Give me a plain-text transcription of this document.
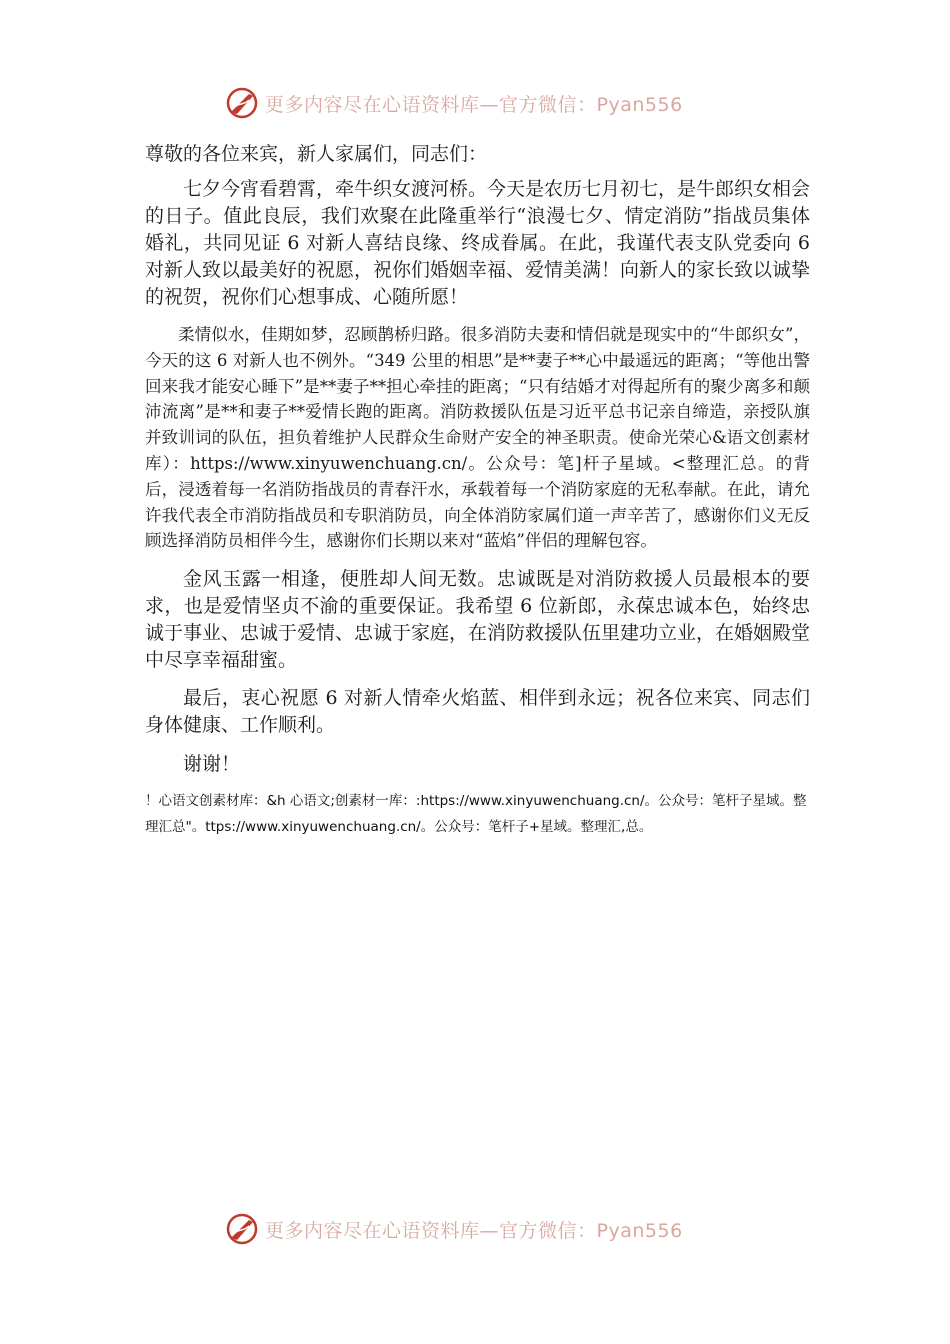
更多内容尽在心语资料库—官方微信：Pyan556

尊敬的各位来宾，新人家属们，同志们：

七夕今宵看碧霄，牵牛织女渡河桥。今天是农历七月初七，是牛郎织女相会的日子。值此良辰，我们欢聚在此隆重举行“浪漫七夕、情定消防”指战员集体婚礼，共同见证 6 对新人喜结良缘、终成眷属。在此，我谨代表支队党委向 6 对新人致以最美好的祝愿，祝你们婚姻幸福、爱情美满！向新人的家长致以诚挚的祝贺，祝你们心想事成、心随所愿！

柔情似水，佳期如梦，忍顾鹊桥归路。很多消防夫妻和情侣就是现实中的“牛郎织女”，今天的这 6 对新人也不例外。“349 公里的相思”是**妻子**心中最遥远的距离；“等他出警回来我才能安心睡下”是**妻子**担心牵挂的距离；“只有结婚才对得起所有的聚少离多和颠沛流离”是**和妻子**爱情长跑的距离。消防救援队伍是习近平总书记亲自缔造，亲授队旗并致训词的队伍，担负着维护人民群众生命财产安全的神圣职责。使命光荣心&语文创素材库）：https://www.xinyuwenchuang.cn/。公众号：笔]杆子星域。<整理汇总。的背后，浸透着每一名消防指战员的青春汗水，承载着每一个消防家庭的无私奉献。在此，请允许我代表全市消防指战员和专职消防员，向全体消防家属们道一声辛苦了，感谢你们义无反顾选择消防员相伴今生，感谢你们长期以来对“蓝焰”伴侣的理解包容。

金风玉露一相逢，便胜却人间无数。忠诚既是对消防救援人员最根本的要求，也是爱情坚贞不渝的重要保证。我希望 6 位新郎，永葆忠诚本色，始终忠诚于事业、忠诚于爱情、忠诚于家庭，在消防救援队伍里建功立业，在婚姻殿堂中尽享幸福甜蜜。

最后，衷心祝愿 6 对新人情牵火焰蓝、相伴到永远；祝各位来宾、同志们身体健康、工作顺利。

谢谢！

！心语文创素材库：&h 心语文;创素材一库：:https://www.xinyuwenchuang.cn/。公众号：笔杆子星域。整理汇总"。ttps://www.xinyuwenchuang.cn/。公众号：笔杆子+星域。整理汇,总。

更多内容尽在心语资料库—官方微信：Pyan556
